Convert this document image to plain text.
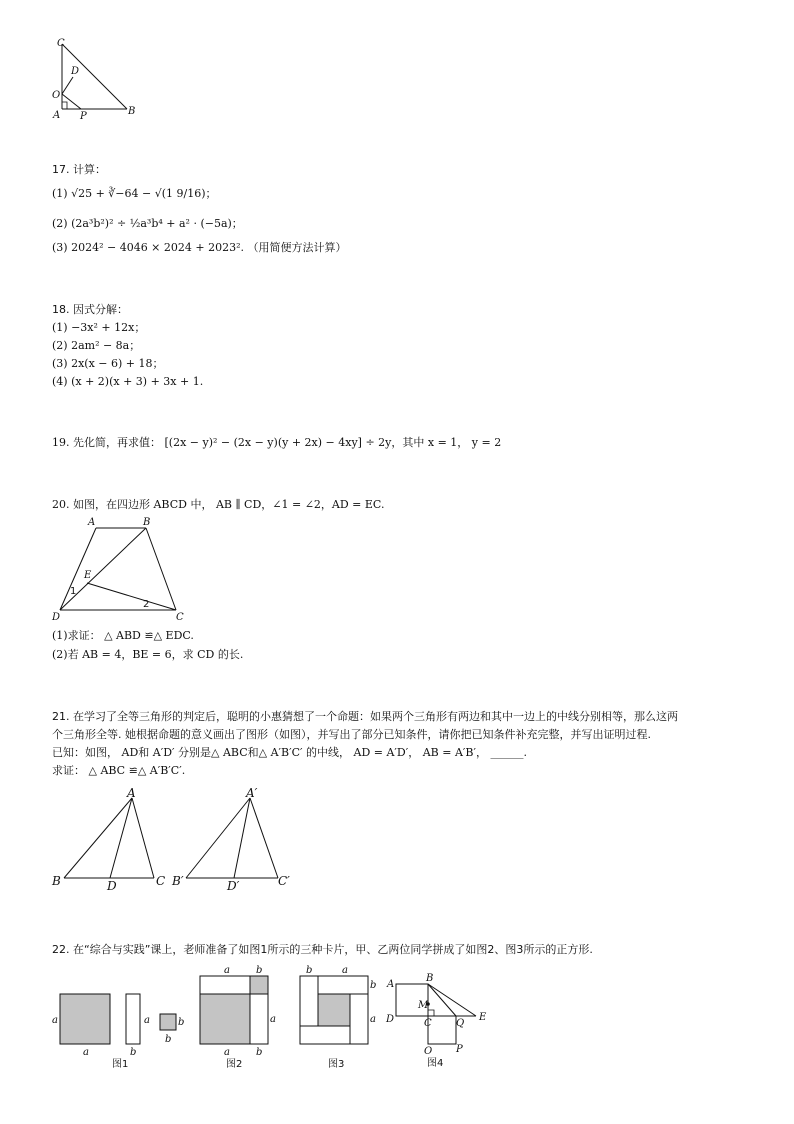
C
D
O
A P	B
17. 计算：
(1) √25 + ∛−64 − √(1 9/16)；
(2) (2a³b²)² ÷ ½a³b⁴ + a² · (−5a)；
(3) 2024² − 4046 × 2024 + 2023². （用简便方法计算）
18. 因式分解：
(1) −3x² + 12x；
(2) 2am² − 8a；
(3) 2x(x − 6) + 18；
(4) (x + 2)(x + 3) + 3x + 1.
19. 先化简，再求值： [(2x − y)² − (2x − y)(y + 2x) − 4xy] ÷ 2y，其中 x = 1， y = 2
20. 如图，在四边形 ABCD 中， AB ∥ CD，∠1 = ∠2，AD = EC.
A	B
E
D	C
1
2
(1)求证： △ ABD ≌△ EDC.
(2)若 AB = 4，BE = 6，求 CD 的长.
21. 在学习了全等三角形的判定后，聪明的小惠猜想了一个命题：如果两个三角形有两边和其中一边上的中线分别相等，那么这两
个三角形全等. 她根据命题的意义画出了图形（如图），并写出了部分已知条件，请你把已知条件补充完整，并写出证明过程.
已知：如图， AD和 A′D′ 分别是△ ABC和△ A′B′C′ 的中线， AD = A′D′， AB = A′B′， ______.
求证： △ ABC ≌△ A′B′C′.
A
B	D	C
A′
B′	D′	C′
22. 在“综合与实践”课上，老师准备了如图1所示的三种卡片，甲、乙两位同学拼成了如图2、图3所示的正方形.
a
a
a
b
b
b
图1
a	b
a	b
a
图2
b	a
b
a
图3
A
B
M
D	C Q
E
O P
图4
